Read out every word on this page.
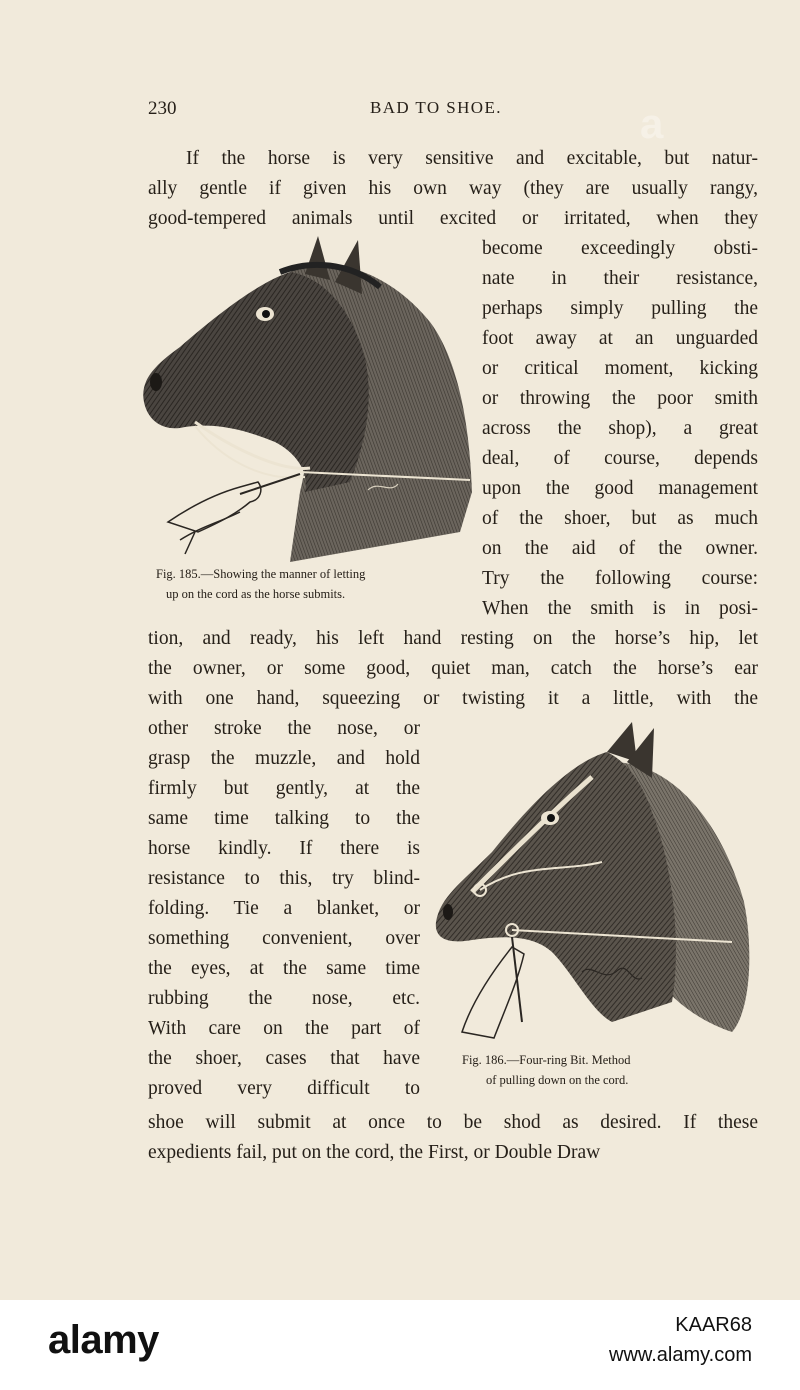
a
230	BAD TO SHOE.
If the horse is very sensitive and excitable, but natur-
ally gentle if given his own way (they are usually rangy,
good-tempered animals until excited or irritated, when they
become exceedingly obsti-
nate in their resistance,
perhaps simply pulling the
foot away at an unguarded
or critical moment, kicking
or throwing the poor smith
across the shop), a great
deal, of course, depends
upon the good management
of the shoer, but as much
on the aid of the owner.
Try the following course:
When the smith is in posi-
tion, and ready, his left hand resting on the horse’s hip, let
the owner, or some good, quiet man, catch the horse’s ear
with one hand, squeezing or twisting it a little, with the
other stroke the nose, or
grasp the muzzle, and hold
firmly but gently, at the
same time talking to the
horse kindly. If there is
resistance to this, try blind-
folding. Tie a blanket, or
something convenient, over
the eyes, at the same time
rubbing the nose, etc.
With care on the part of
the shoer, cases that have
proved very difficult to
shoe will submit at once to be shod as desired. If these
expedients fail, put on the cord, the First, or Double Draw
Fig. 185.—Showing the manner of letting
up on the cord as the horse submits.
Fig. 186.—Four-ring Bit. Method
of pulling down on the cord.
alamy	KAAR68
www.alamy.com
